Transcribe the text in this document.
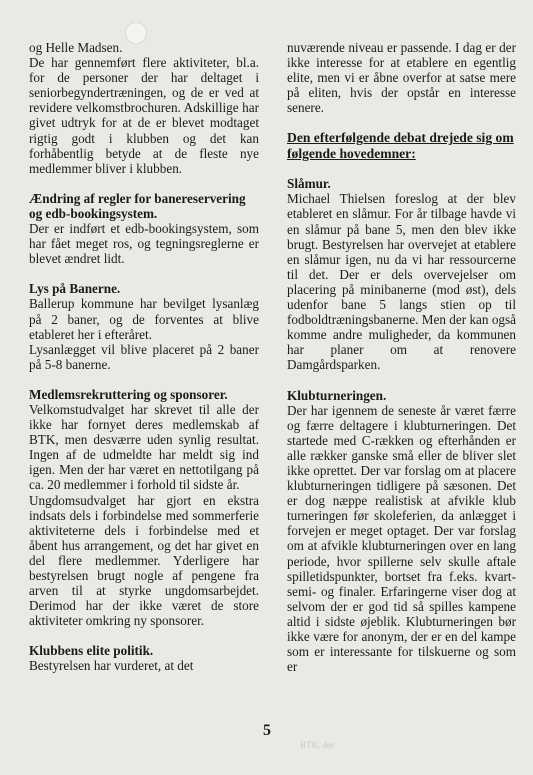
og Helle Madsen.

De har gennemført flere aktiviteter, bl.a. for de personer der har deltaget i seniorbegyndertræningen, og de er ved at revidere velkomstbrochuren. Adskillige har givet udtryk for at de er blevet modtaget rigtig godt i klubben og det kan forhåbentlig betyde at de fleste nye medlemmer bliver i klubben.

Ændring af regler for banereservering og edb-bookingsystem.

Der er indført et edb-bookingsystem, som har fået meget ros, og tegningsreglerne er blevet ændret lidt.

Lys på Banerne.

Ballerup kommune har bevilget lysanlæg på 2 baner, og de forventes at blive etableret her i efteråret.

Lysanlægget vil blive placeret på 2 baner på 5-8 banerne.

Medlemsrekruttering og sponsorer.

Velkomstudvalget har skrevet til alle der ikke har fornyet deres medlemskab af BTK, men desværre uden synlig resultat. Ingen af de udmeldte har meldt sig ind igen. Men der har været en nettotilgang på ca. 20 medlemmer i forhold til sidste år.

Ungdomsudvalget har gjort en ekstra indsats dels i forbindelse med sommerferie aktiviteterne dels i forbindelse med et åbent hus arrangement, og det har givet en del flere medlemmer. Yderligere har bestyrelsen brugt nogle af pengene fra arven til at styrke ungdomsarbejdet. Derimod har der ikke været de store aktiviteter omkring ny sponsorer.

Klubbens elite politik.

Bestyrelsen har vurderet, at det

nuværende niveau er passende. I dag er der ikke interesse for at etablere en egentlig elite, men vi er åbne overfor at satse mere på eliten, hvis der opstår en interesse senere.

Den efterfølgende debat drejede sig om følgende hovedemner:

Slåmur.

Michael Thielsen foreslog at der blev etableret en slåmur. For år tilbage havde vi en slåmur på bane 5, men den blev ikke brugt. Bestyrelsen har overvejet at etablere en slåmur igen, nu da vi har ressourcerne til det. Der er dels overvejelser om placering på minibanerne (mod øst), dels udenfor bane 5 langs stien op til fodboldtræningsbanerne. Men der kan også komme andre muligheder, da kommunen har planer om at renovere Damgårdsparken.

Klubturneringen.

Der har igennem de seneste år været færre og færre deltagere i klubturneringen. Det startede med C-rækken og efterhånden er alle rækker ganske små eller de bliver slet ikke oprettet. Der var forslag om at placere klubturneringen tidligere på sæsonen. Det er dog næppe realistisk at afvikle klub turneringen før skoleferien, da anlægget i forvejen er meget optaget. Der var forslag om at afvikle klubturneringen over en lang periode, hvor spillerne selv skulle aftale spilletidspunkter, bortset fra f.eks. kvart- semi- og finaler. Erfaringerne viser dog at selvom der er god tid så spilles kampene altid i sidste øjeblik. Klubturneringen bør ikke være for anonym, der er en del kampe som er interessante for tilskuerne og som er

5
BTK, der
